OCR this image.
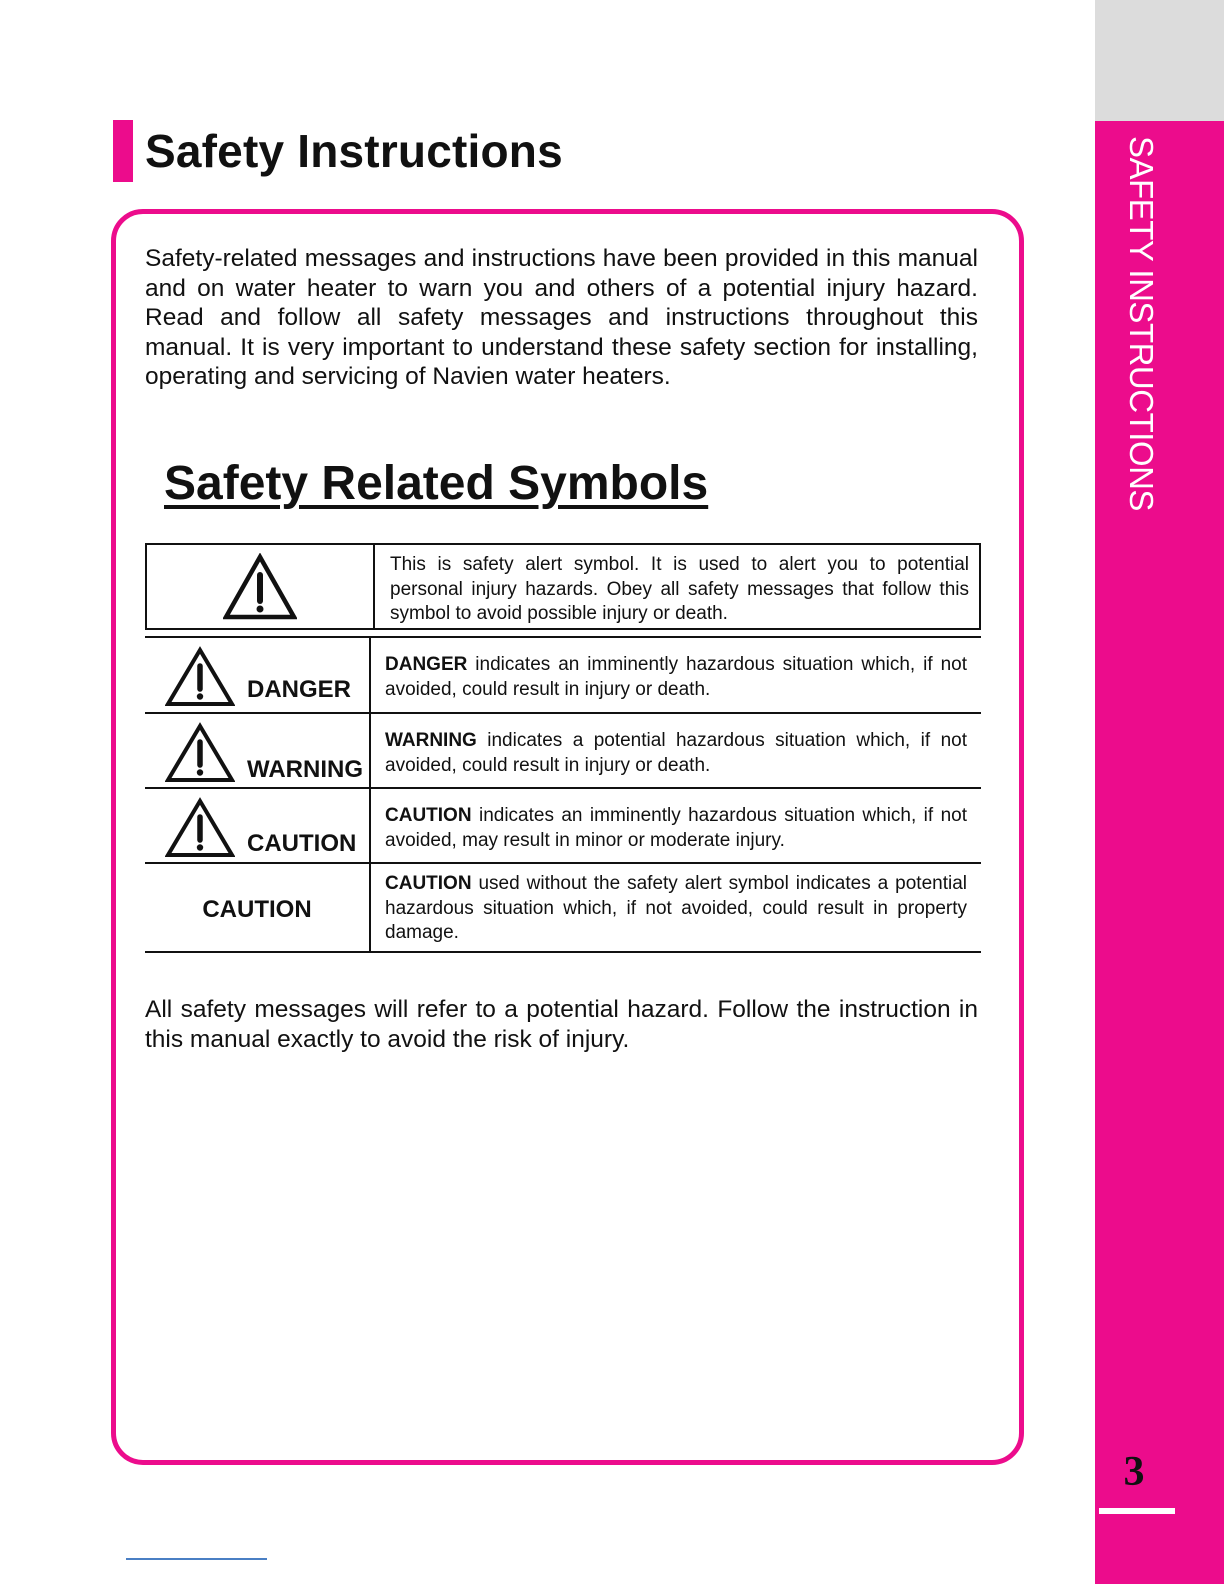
Safety Instructions

Safety-related messages and instructions have been provided in this manual and on water heater to warn you and others of a potential injury hazard. Read and follow all safety messages and instructions throughout this manual. It is very important to understand these safety section for installing, operating and servicing of Navien water heaters.

Safety Related Symbols
This is safety alert symbol. It is used to alert you to potential personal injury hazards. Obey all safety messages that follow this symbol to avoid possible injury or death.
DANGER
DANGER indicates an imminently hazardous situation which, if not avoided, could result in injury or death.
WARNING
WARNING indicates a potential hazardous situation which, if not avoided, could result in injury or death.
CAUTION
CAUTION indicates an imminently hazardous situation which, if not avoided, may result in minor or moderate injury.
CAUTION
CAUTION used without the safety alert symbol indicates a potential hazardous situation which, if not avoided, could result in property damage.

All safety messages will refer to a potential hazard. Follow the instruction in this manual exactly to avoid the risk of injury.

SAFETY INSTRUCTIONS
3
